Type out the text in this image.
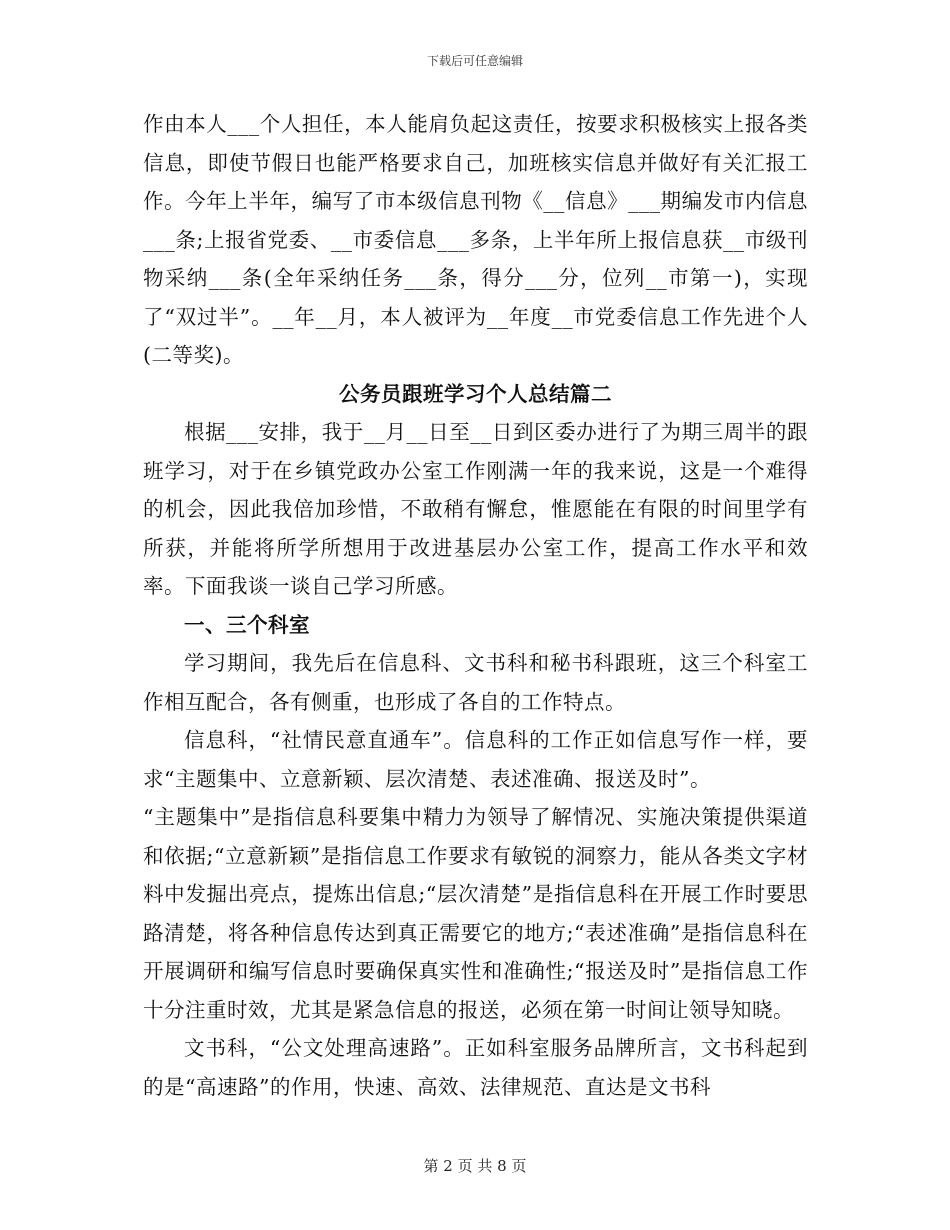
下载后可任意编辑

作由本人___个人担任，本人能肩负起这责任，按要求积极核实上报各类信息，即使节假日也能严格要求自己，加班核实信息并做好有关汇报工作。今年上半年，编写了市本级信息刊物《__信息》___期编发市内信息___条;上报省党委、__市委信息___多条，上半年所上报信息获__市级刊物采纳___条(全年采纳任务___条，得分___分，位列__市第一)，实现了“双过半”。__年__月，本人被评为__年度__市党委信息工作先进个人(二等奖)。

公务员跟班学习个人总结篇二

根据___安排，我于__月__日至__日到区委办进行了为期三周半的跟班学习，对于在乡镇党政办公室工作刚满一年的我来说，这是一个难得的机会，因此我倍加珍惜，不敢稍有懈怠，惟愿能在有限的时间里学有所获，并能将所学所想用于改进基层办公室工作，提高工作水平和效率。下面我谈一谈自己学习所感。

一、三个科室

学习期间，我先后在信息科、文书科和秘书科跟班，这三个科室工作相互配合，各有侧重，也形成了各自的工作特点。

信息科，“社情民意直通车”。信息科的工作正如信息写作一样，要求“主题集中、立意新颖、层次清楚、表述准确、报送及时”。

“主题集中”是指信息科要集中精力为领导了解情况、实施决策提供渠道和依据;“立意新颖”是指信息工作要求有敏锐的洞察力，能从各类文字材料中发掘出亮点，提炼出信息;“层次清楚”是指信息科在开展工作时要思路清楚，将各种信息传达到真正需要它的地方;“表述准确”是指信息科在开展调研和编写信息时要确保真实性和准确性;“报送及时”是指信息工作十分注重时效，尤其是紧急信息的报送，必须在第一时间让领导知晓。

文书科，“公文处理高速路”。正如科室服务品牌所言，文书科起到的是“高速路”的作用，快速、高效、法律规范、直达是文书科

第 2 页 共 8 页
